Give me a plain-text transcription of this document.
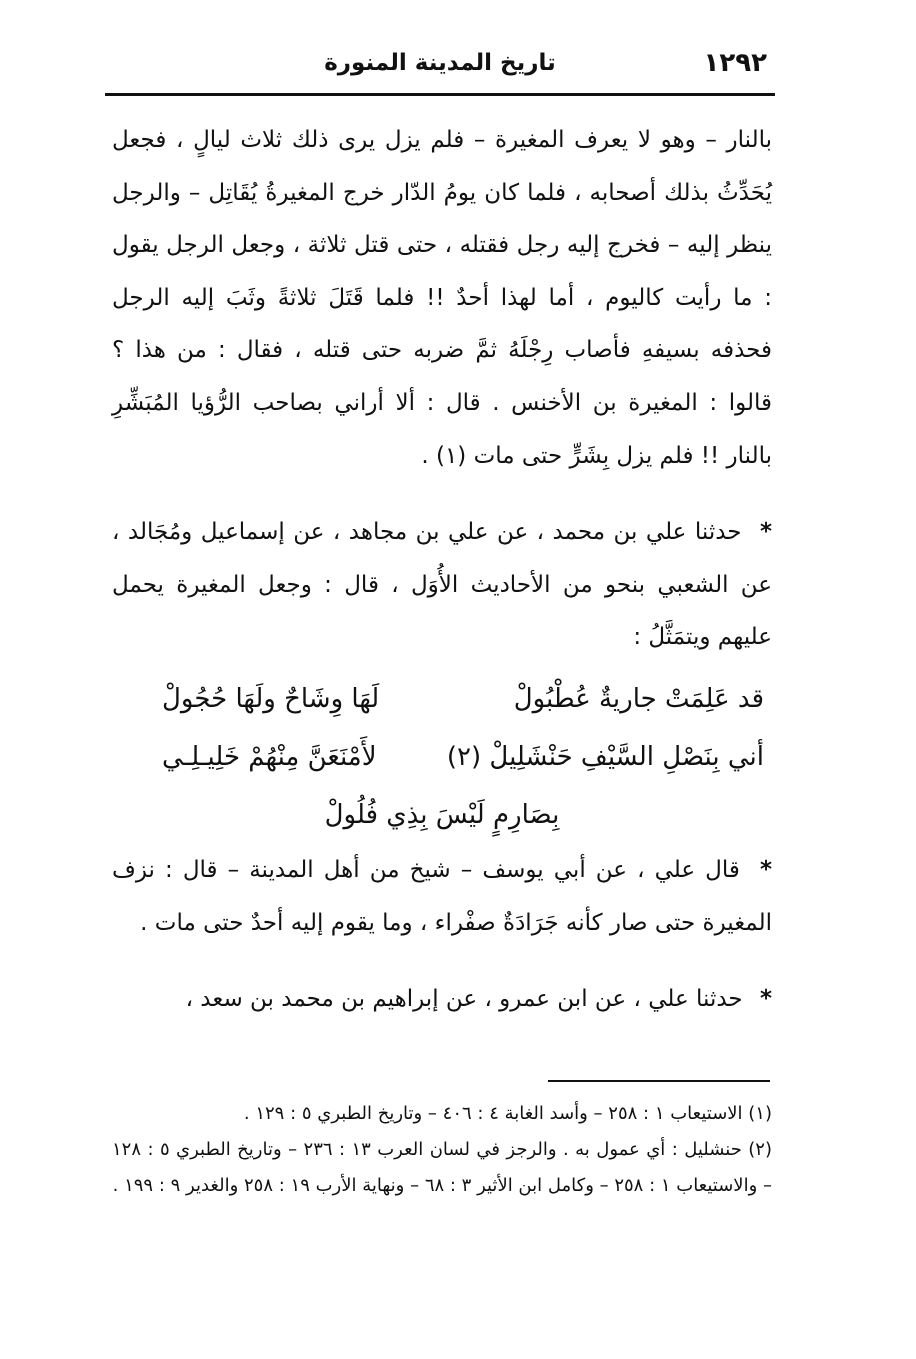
١٢٩٢
تاريخ المدينة المنورة

بالنار – وهو لا يعرف المغيرة – فلم يزل يرى ذلك ثلاث ليالٍ ، فجعل يُحَدِّثُ بذلك أصحابه ، فلما كان يومُ الدّار خرج المغيرةُ يُقَاتِل – والرجل ينظر إليه – فخرج إليه رجل فقتله ، حتى قتل ثلاثة ، وجعل الرجل يقول : ما رأيت كاليوم ، أما لهذا أحدٌ !! فلما قَتَلَ ثلاثةً وثَبَ إليه الرجل فحذفه بسيفهِ فأصاب رِجْلَهُ ثمَّ ضربه حتى قتله ، فقال : من هذا ؟ قالوا : المغيرة بن الأخنس . قال : ألا أراني بصاحب الرُّؤيا المُبَشِّرِ بالنار !! فلم يزل بِشَرٍّ حتى مات (١) .

* حدثنا علي بن محمد ، عن علي بن مجاهد ، عن إسماعيل ومُجَالد ، عن الشعبي بنحو من الأحاديث الأُوَل ، قال : وجعل المغيرة يحمل عليهم ويتمَثَّلُ :

قد عَلِمَتْ جاريةٌ عُطْبُولْ
لَهَا وِشَاحٌ ولَهَا حُجُولْ
أني بِنَصْلِ السَّيْفِ حَنْشَلِيلْ (٢)
لأَمْنَعَنَّ مِنْهُمْ خَلِيـلِـي
بِصَارِمٍ لَيْسَ بِذِي فُلُولْ

* قال علي ، عن أبي يوسف – شيخ من أهل المدينة – قال : نزف المغيرة حتى صار كأنه جَرَادَةٌ صفْراء ، وما يقوم إليه أحدٌ حتى مات .

* حدثنا علي ، عن ابن عمرو ، عن إبراهيم بن محمد بن سعد ،

(١) الاستيعاب ١ : ٢٥٨ – وأسد الغابة ٤ : ٤٠٦ – وتاريخ الطبري ٥ : ١٢٩ .

(٢) حنشليل : أي عمول به . والرجز في لسان العرب ١٣ : ٢٣٦ – وتاريخ الطبري ٥ : ١٢٨ – والاستيعاب ١ : ٢٥٨ – وكامل ابن الأثير ٣ : ٦٨ – ونهاية الأرب ١٩ : ٢٥٨ والغدير ٩ : ١٩٩ .
